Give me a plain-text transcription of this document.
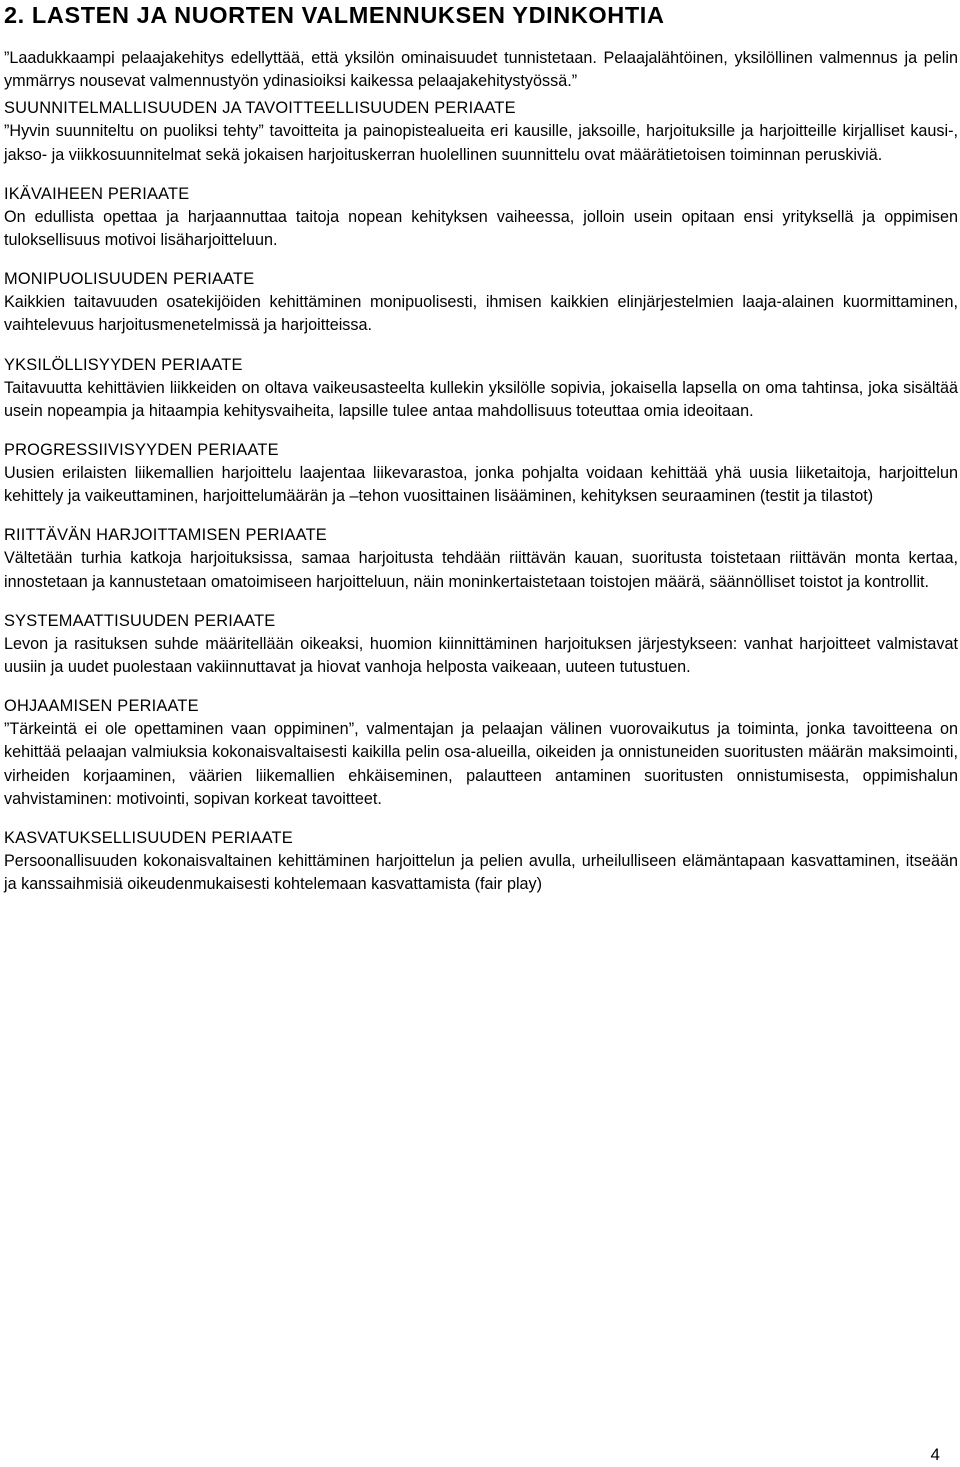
2. LASTEN JA NUORTEN VALMENNUKSEN YDINKOHTIA

”Laadukkaampi pelaajakehitys edellyttää, että yksilön ominaisuudet tunnistetaan. Pelaajalähtöinen, yksilöllinen valmennus ja pelin ymmärrys nousevat valmennustyön ydinasioiksi kaikessa pelaajakehitystyössä.”

SUUNNITELMALLISUUDEN JA TAVOITTEELLISUUDEN PERIAATE

”Hyvin suunniteltu on puoliksi tehty” tavoitteita ja painopistealueita eri kausille, jaksoille, harjoituksille ja harjoitteille kirjalliset kausi-, jakso- ja viikkosuunnitelmat sekä jokaisen harjoituskerran huolellinen suunnittelu ovat määrätietoisen toiminnan peruskiviä.

IKÄVAIHEEN PERIAATE

On edullista opettaa ja harjaannuttaa taitoja nopean kehityksen vaiheessa, jolloin usein opitaan ensi yrityksellä ja oppimisen tuloksellisuus motivoi lisäharjoitteluun.

MONIPUOLISUUDEN PERIAATE

Kaikkien taitavuuden osatekijöiden kehittäminen monipuolisesti, ihmisen kaikkien elinjärjestelmien laaja-alainen kuormittaminen, vaihtelevuus harjoitusmenetelmissä ja harjoitteissa.

YKSILÖLLISYYDEN PERIAATE

Taitavuutta kehittävien liikkeiden on oltava vaikeusasteelta kullekin yksilölle sopivia, jokaisella lapsella on oma tahtinsa, joka sisältää usein nopeampia ja hitaampia kehitysvaiheita, lapsille tulee antaa mahdollisuus toteuttaa omia ideoitaan.

PROGRESSIIVISYYDEN PERIAATE

Uusien erilaisten liikemallien harjoittelu laajentaa liikevarastoa, jonka pohjalta voidaan kehittää yhä uusia liiketaitoja, harjoittelun kehittely ja vaikeuttaminen, harjoittelumäärän ja –tehon vuosittainen lisääminen, kehityksen seuraaminen (testit ja tilastot)

RIITTÄVÄN HARJOITTAMISEN PERIAATE

Vältetään turhia katkoja harjoituksissa, samaa harjoitusta tehdään riittävän kauan, suoritusta toistetaan riittävän monta kertaa, innostetaan ja kannustetaan omatoimiseen harjoitteluun, näin moninkertaistetaan toistojen määrä, säännölliset toistot ja kontrollit.

SYSTEMAATTISUUDEN PERIAATE

Levon ja rasituksen suhde määritellään oikeaksi, huomion kiinnittäminen harjoituksen järjestykseen: vanhat harjoitteet valmistavat uusiin ja uudet puolestaan vakiinnuttavat ja hiovat vanhoja helposta vaikeaan, uuteen tutustuen.

OHJAAMISEN PERIAATE

”Tärkeintä ei ole opettaminen vaan oppiminen”, valmentajan ja pelaajan välinen vuorovaikutus ja toiminta, jonka tavoitteena on kehittää pelaajan valmiuksia kokonaisvaltaisesti kaikilla pelin osa-alueilla, oikeiden ja onnistuneiden suoritusten määrän maksimointi, virheiden korjaaminen, väärien liikemallien ehkäiseminen, palautteen antaminen suoritusten onnistumisesta, oppimishalun vahvistaminen: motivointi, sopivan korkeat tavoitteet.

KASVATUKSELLISUUDEN PERIAATE

Persoonallisuuden kokonaisvaltainen kehittäminen harjoittelun ja pelien avulla, urheilulliseen elämäntapaan kasvattaminen, itseään ja kanssaihmisiä oikeudenmukaisesti kohtelemaan kasvattamista (fair play)

4
